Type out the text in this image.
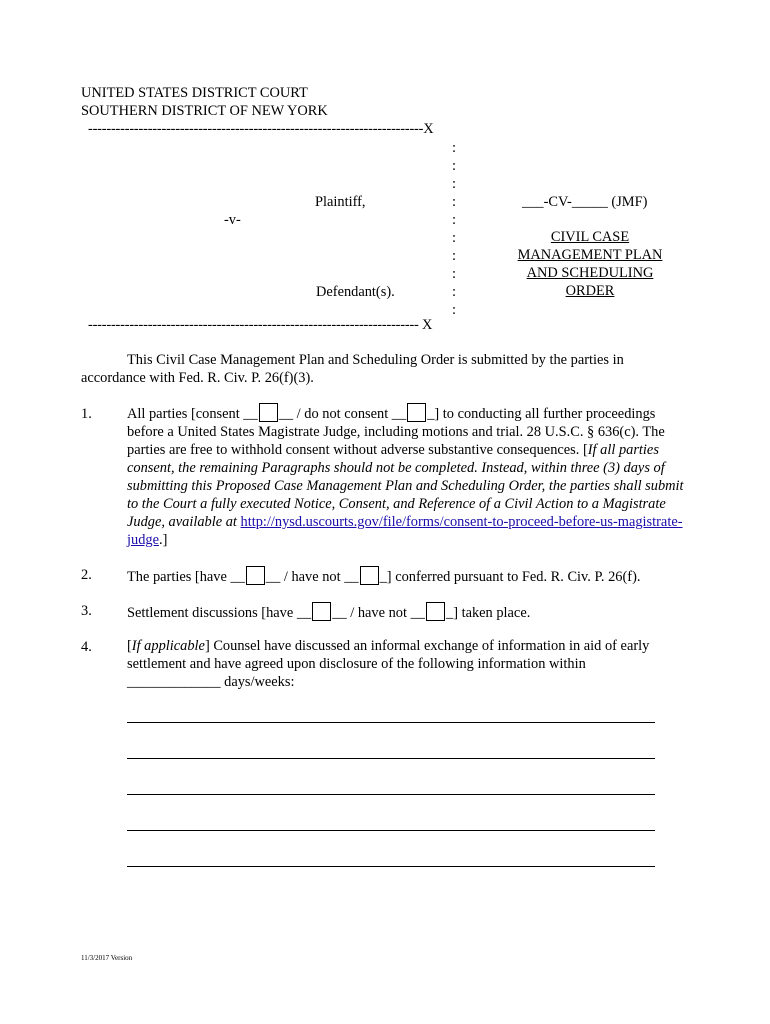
UNITED STATES DISTRICT COURT
SOUTHERN DISTRICT OF NEW YORK
-------------------------------------------------------------------------X
:
:
:
:
:
:
:
:
:
:
Plaintiff,
-v-
Defendant(s).
___-CV-_____ (JMF)
CIVIL CASE
MANAGEMENT PLAN
AND SCHEDULING
ORDER
------------------------------------------------------------------------ X
This Civil Case Management Plan and Scheduling Order is submitted by the parties in
accordance with Fed. R. Civ. P. 26(f)(3).
1. All parties [consent __ __ / do not consent __ _] to conducting all further proceedings before a United States Magistrate Judge, including motions and trial. 28 U.S.C. § 636(c). The parties are free to withhold consent without adverse substantive consequences. [If all parties consent, the remaining Paragraphs should not be completed. Instead, within three (3) days of submitting this Proposed Case Management Plan and Scheduling Order, the parties shall submit to the Court a fully executed Notice, Consent, and Reference of a Civil Action to a Magistrate Judge, available at http://nysd.uscourts.gov/file/forms/consent-to-proceed-before-us-magistrate-judge.]
2. The parties [have __ __ / have not __ _] conferred pursuant to Fed. R. Civ. P. 26(f).
3. Settlement discussions [have __ __ / have not __ _] taken place.
4. [If applicable] Counsel have discussed an informal exchange of information in aid of early settlement and have agreed upon disclosure of the following information within
_____________ days/weeks:
11/3/2017 Version
